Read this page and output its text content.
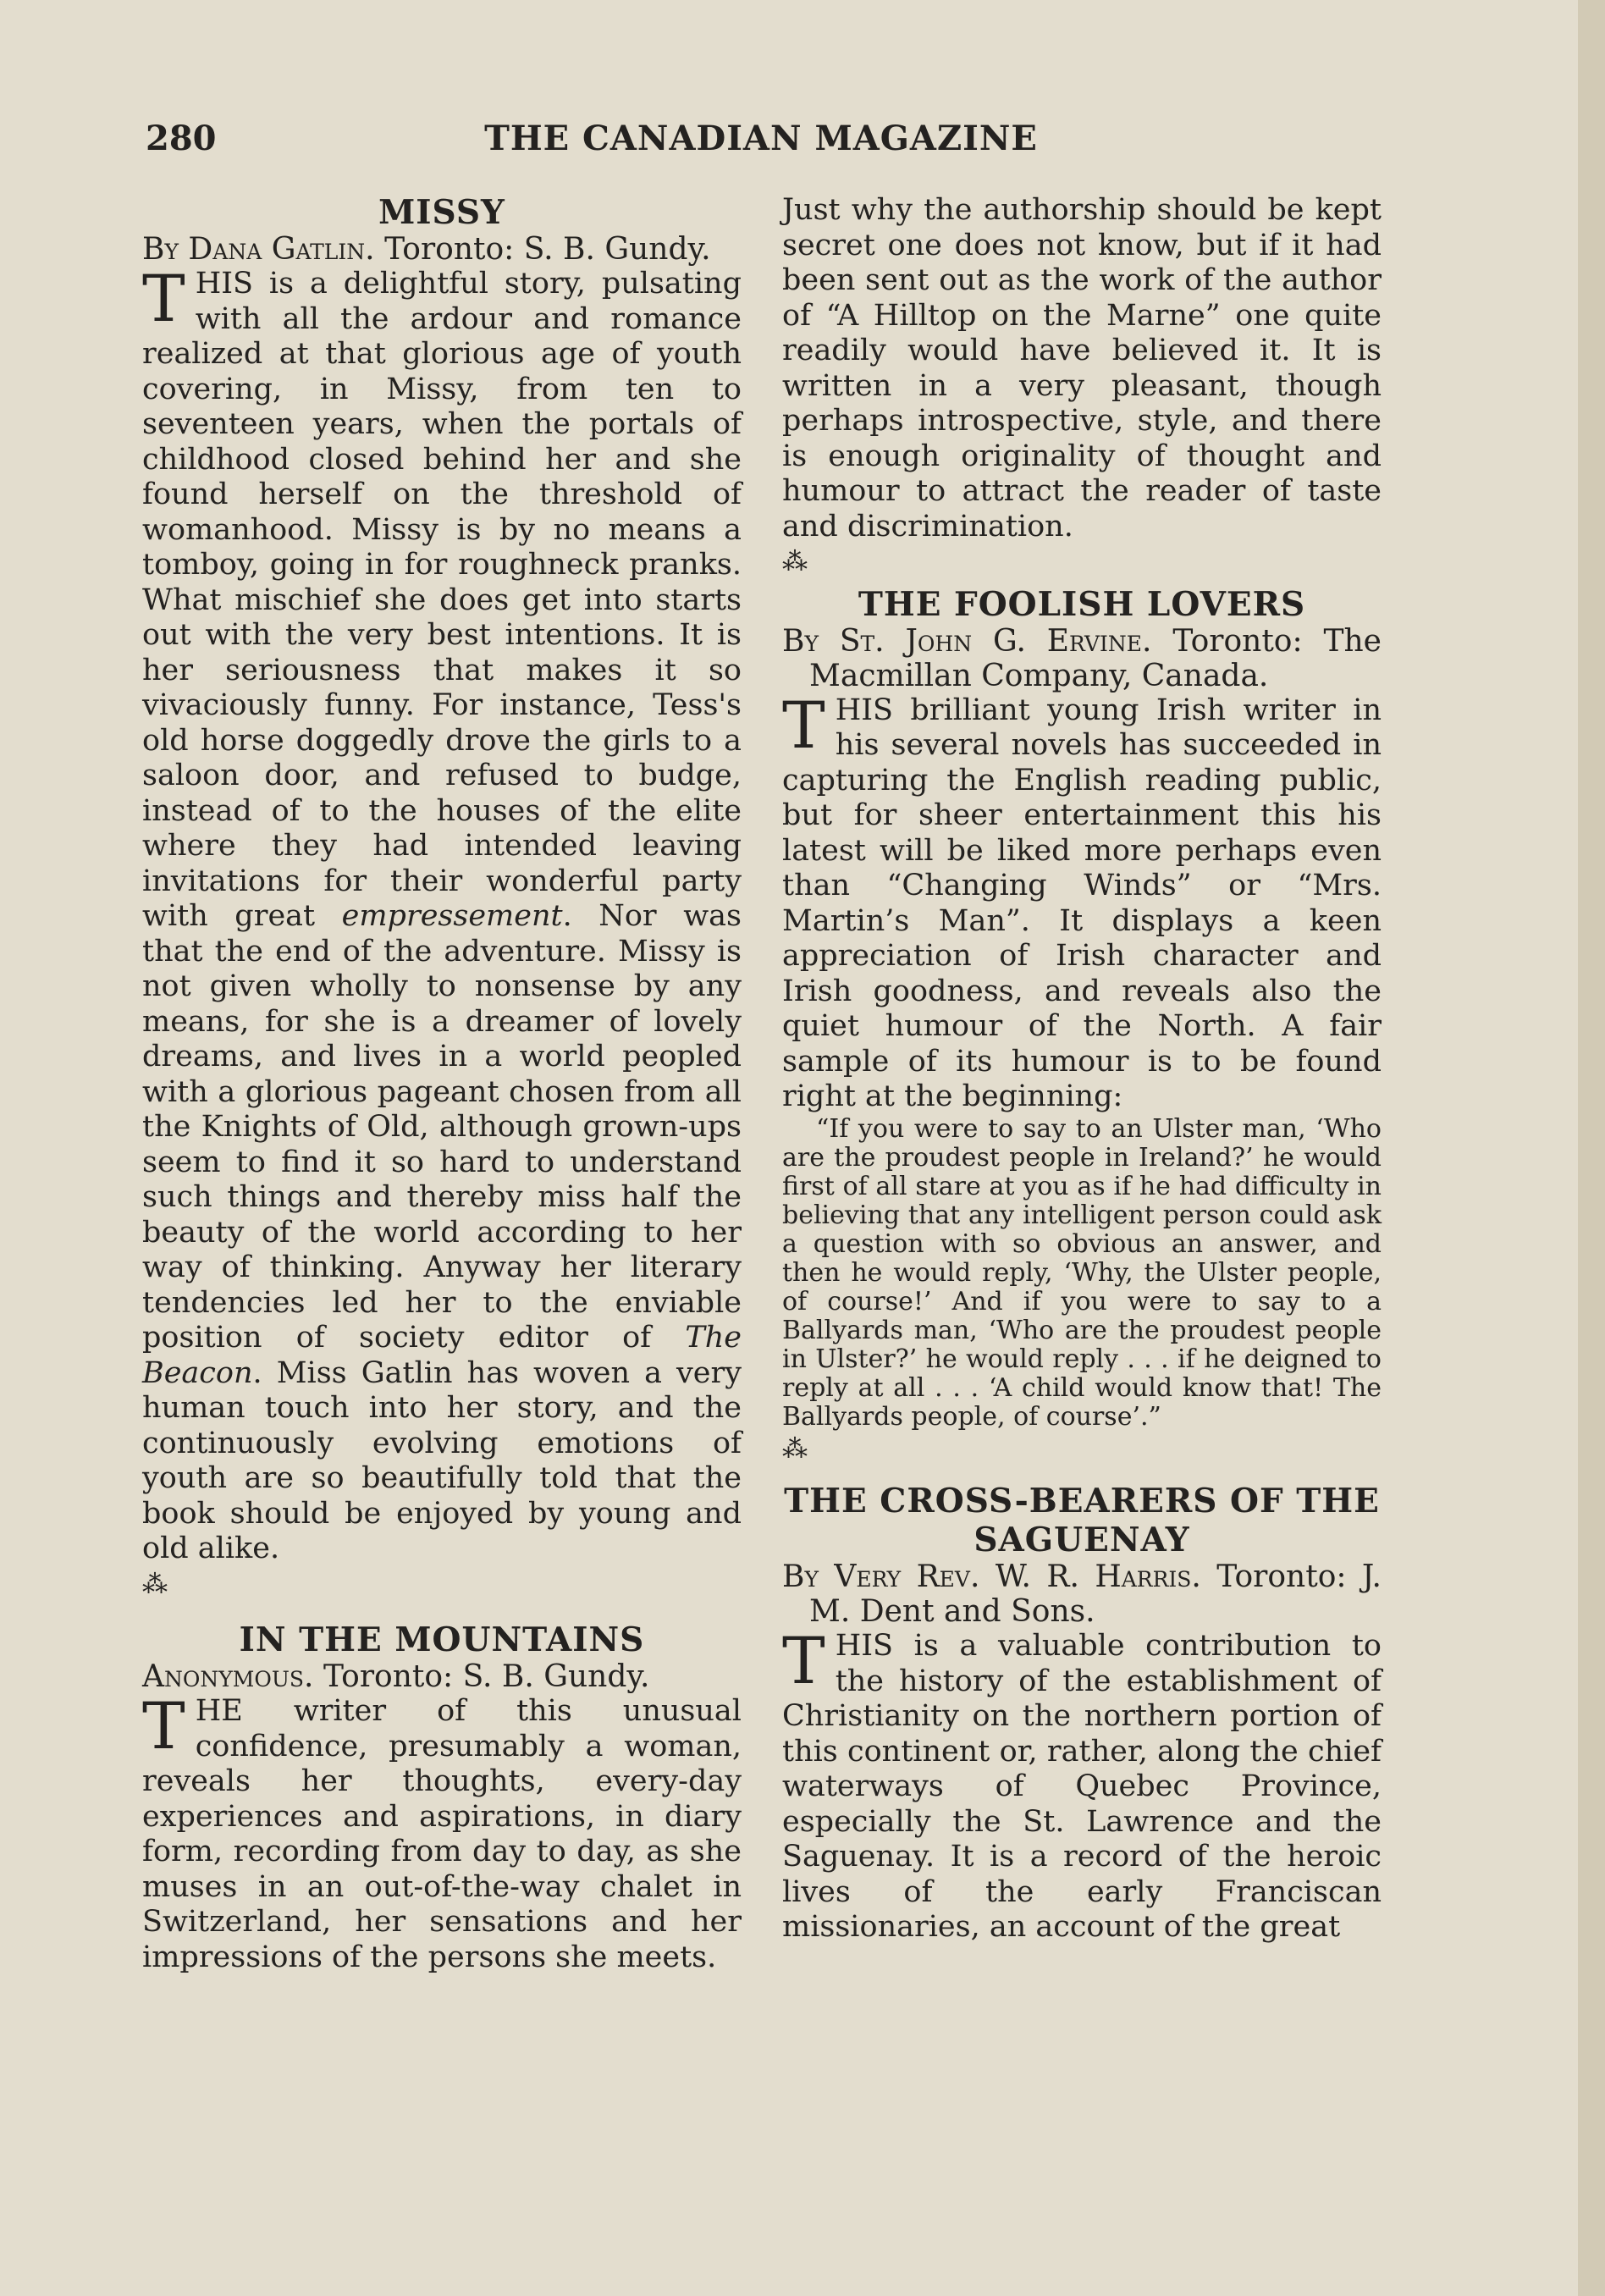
280	THE CANADIAN MAGAZINE
MISSY

By Dana Gatlin. Toronto: S. B. Gundy.

THIS is a delightful story, pulsating with all the ardour and romance realized at that glorious age of youth covering, in Missy, from ten to seventeen years, when the portals of childhood closed behind her and she found herself on the threshold of womanhood. Missy is by no means a tomboy, going in for roughneck pranks. What mischief she does get into starts out with the very best intentions. It is her seriousness that makes it so vivaciously funny. For instance, Tess's old horse doggedly drove the girls to a saloon door, and refused to budge, instead of to the houses of the elite where they had intended leaving invitations for their wonderful party with great empressement. Nor was that the end of the adventure. Missy is not given wholly to nonsense by any means, for she is a dreamer of lovely dreams, and lives in a world peopled with a glorious pageant chosen from all the Knights of Old, although grown-ups seem to find it so hard to understand such things and thereby miss half the beauty of the world according to her way of thinking. Anyway her literary tendencies led her to the enviable position of society editor of The Beacon. Miss Gatlin has woven a very human touch into her story, and the continuously evolving emotions of youth are so beautifully told that the book should be enjoyed by young and old alike.

⁂

IN THE MOUNTAINS

Anonymous. Toronto: S. B. Gundy.

THE writer of this unusual confidence, presumably a woman, reveals her thoughts, every-day experiences and aspirations, in diary form, recording from day to day, as she muses in an out-of-the-way chalet in Switzerland, her sensations and her impressions of the persons she meets.

Just why the authorship should be kept secret one does not know, but if it had been sent out as the work of the author of “A Hilltop on the Marne” one quite readily would have believed it. It is written in a very pleasant, though perhaps introspective, style, and there is enough originality of thought and humour to attract the reader of taste and discrimination.

⁂

THE FOOLISH LOVERS

By St. John G. Ervine. Toronto: The Macmillan Company, Canada.

THIS brilliant young Irish writer in his several novels has succeeded in capturing the English reading public, but for sheer entertainment this his latest will be liked more perhaps even than “Changing Winds” or “Mrs. Martin’s Man”. It displays a keen appreciation of Irish character and Irish goodness, and reveals also the quiet humour of the North. A fair sample of its humour is to be found right at the beginning:

“If you were to say to an Ulster man, ‘Who are the proudest people in Ireland?’ he would first of all stare at you as if he had difficulty in believing that any intelligent person could ask a question with so obvious an answer, and then he would reply, ‘Why, the Ulster people, of course!’ And if you were to say to a Ballyards man, ‘Who are the proudest people in Ulster?’ he would reply . . . if he deigned to reply at all . . . ‘A child would know that! The Ballyards people, of course’.”

⁂

THE CROSS-BEARERS OF THE
SAGUENAY

By Very Rev. W. R. Harris. Toronto: J. M. Dent and Sons.

THIS is a valuable contribution to the history of the establishment of Christianity on the northern portion of this continent or, rather, along the chief waterways of Quebec Province, especially the St. Lawrence and the Saguenay. It is a record of the heroic lives of the early Franciscan missionaries, an account of the great
